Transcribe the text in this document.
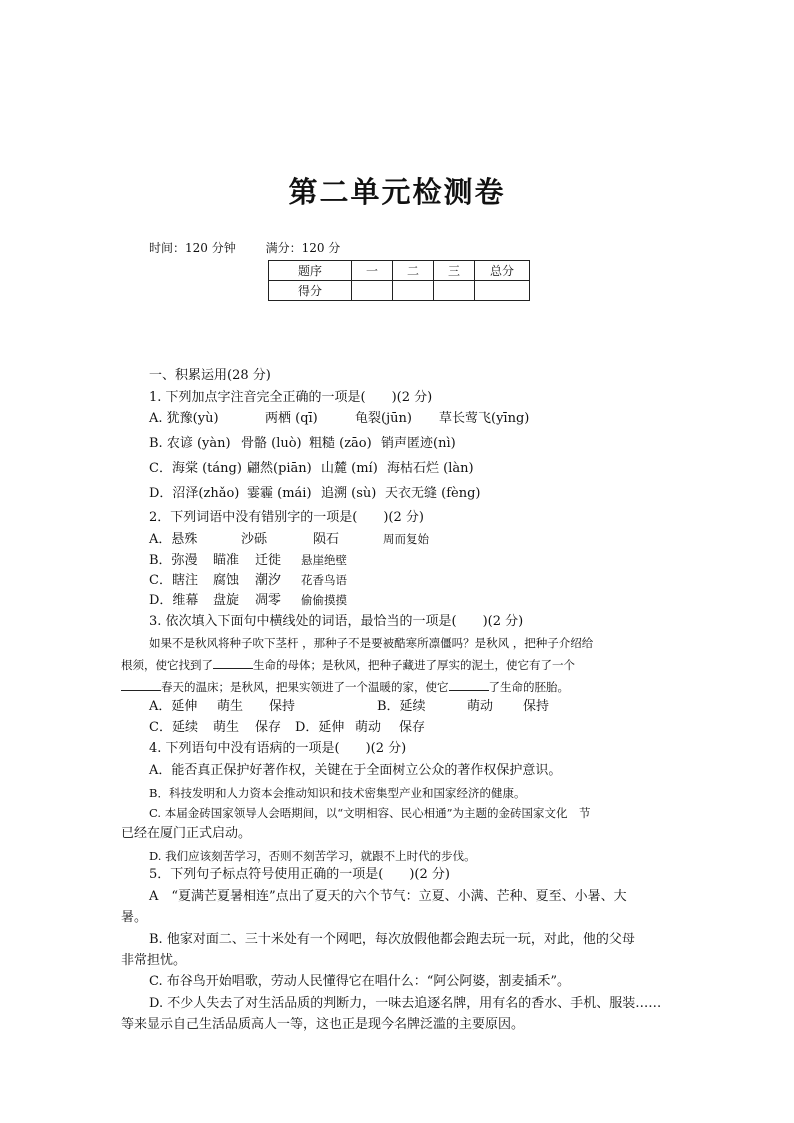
第二单元检测卷
时间：120 分钟 满分：120 分
题序	一	二	三	总分
得分				
一、积累运用(28 分)
1. 下列加点字注音完全正确的一项是(　　)(2 分)
A. 犹豫(yù)	两栖 (qī)	龟裂(jūn) 草长莺飞(yīng)
B. 农谚 (yàn) 骨骼 (luò) 粗糙 (zāo) 销声匿迹(nì)
C．海棠 (táng) 翩然(piān) 山麓 (mí) 海枯石烂 (làn)
D．沼泽(zhǎo) 霎霾 (mái) 追溯 (sù) 天衣无缝 (fèng)
2．下列词语中没有错别字的一项是(　　)(2 分)
A．悬殊	沙砾	陨石	周而复始
B．弥漫 瞄准 迁徙 悬崖绝壁
C．瞎注 腐蚀 潮汐 花香鸟语
D．维幕 盘旋 凋零 偷偷摸摸
3. 依次填入下面句中横线处的词语，最恰当的一项是(　　)(2 分)
如果不是秋风将种子吹下茎杆 ，那种子不是要被酷寒所凛僵吗？是秋风 ，把种子介绍给
根须，使它找到了	生命的母体；是秋风，把种子藏进了厚实的泥土，使它有了一个
春天的温床；是秋风，把果实领进了一个温暖的家，使它	了生命的胚胎。
A．延伸 萌生 保持	B．延续	萌动 保持
C．延续 萌生 保存 D．延伸 萌动 保存
4. 下列语句中没有语病的一项是(　　)(2 分)
A．能否真正保护好著作权，关键在于全面树立公众的著作权保护意识。
B．科技发明和人力资本会推动知识和技术密集型产业和国家经济的健康。
C. 本届金砖国家领导人会晤期间，以“文明相容、民心相通”为主题的金砖国家文化　节
已经在厦门正式启动。
D. 我们应该刻苦学习，否则不刻苦学习，就跟不上时代的步伐。
5．下列句子标点符号使用正确的一项是(　　)(2 分)
A　“夏满芒夏暑相连”点出了夏天的六个节气：立夏、小满、芒种、夏至、小暑、大
暑。
B. 他家对面二、三十米处有一个网吧，每次放假他都会跑去玩一玩，对此，他的父母
非常担忧。
C. 布谷鸟开始唱歌，劳动人民懂得它在唱什么：“阿公阿婆，割麦插禾”。
D. 不少人失去了对生活品质的判断力，一味去追逐名牌，用有名的香水、手机、服装……
等来显示自己生活品质高人一等，这也正是现今名牌泛滥的主要原因。
